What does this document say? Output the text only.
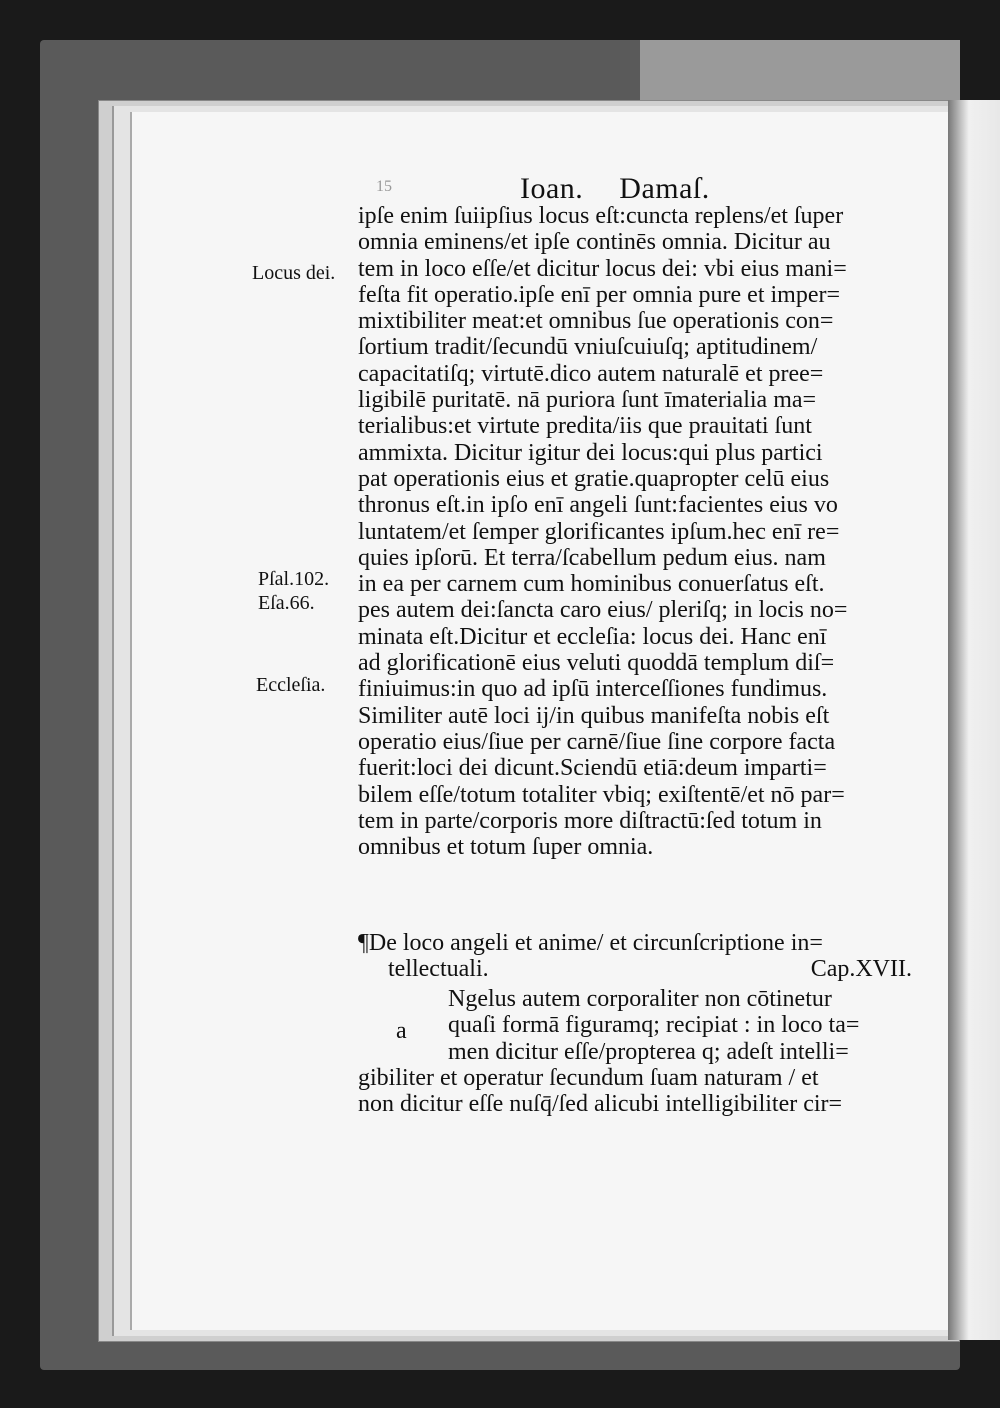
15	Ioan. Damaſ.
Locus dei.
Pſal.102.
Eſa.66.
Eccleſia.
ipſe enim ſuiipſius locus eſt:cuncta replens/et ſuper
omnia eminens/et ipſe continēs omnia. Dicitur au
tem in loco eſſe/et dicitur locus dei: vbi eius mani=
feſta fit operatio.ipſe enī per omnia pure et imper=
mixtibiliter meat:et omnibus ſue operationis con=
ſortium tradit/ſecundū vniuſcuiuſq; aptitudinem/
capacitatiſq; virtutē.dico autem naturalē et pree=
ligibilē puritatē. nā puriora ſunt īmaterialia ma=
terialibus:et virtute predita/iis que prauitati ſunt
ammixta. Dicitur igitur dei locus:qui plus partici
pat operationis eius et gratie.quapropter celū eius
thronus eſt.in ipſo enī angeli ſunt:facientes eius vo
luntatem/et ſemper glorificantes ipſum.hec enī re=
quies ipſorū. Et terra/ſcabellum pedum eius. nam
in ea per carnem cum hominibus conuerſatus eſt.
pes autem dei:ſancta caro eius/ pleriſq; in locis no=
minata eſt.Dicitur et eccleſia: locus dei. Hanc enī
ad glorificationē eius veluti quoddā templum diſ=
finiuimus:in quo ad ipſū interceſſiones fundimus.
Similiter autē loci ij/in quibus manifeſta nobis eſt
operatio eius/ſiue per carnē/ſiue ſine corpore facta
fuerit:loci dei dicunt.Sciendū etiā:deum imparti=
bilem eſſe/totum totaliter vbiq; exiſtentē/et nō par=
tem in parte/corporis more diſtractū:ſed totum in
omnibus et totum ſuper omnia.
¶De loco angeli et anime/ et circunſcriptione in=
tellectuali.	Cap.XVII.
a
Ngelus autem corporaliter non cōtinetur
quaſi formā figuramq; recipiat : in loco ta=
men dicitur eſſe/propterea q; adeſt intelli=
gibiliter et operatur ſecundum ſuam naturam / et
non dicitur eſſe nuſq̄/ſed alicubi intelligibiliter cir=
